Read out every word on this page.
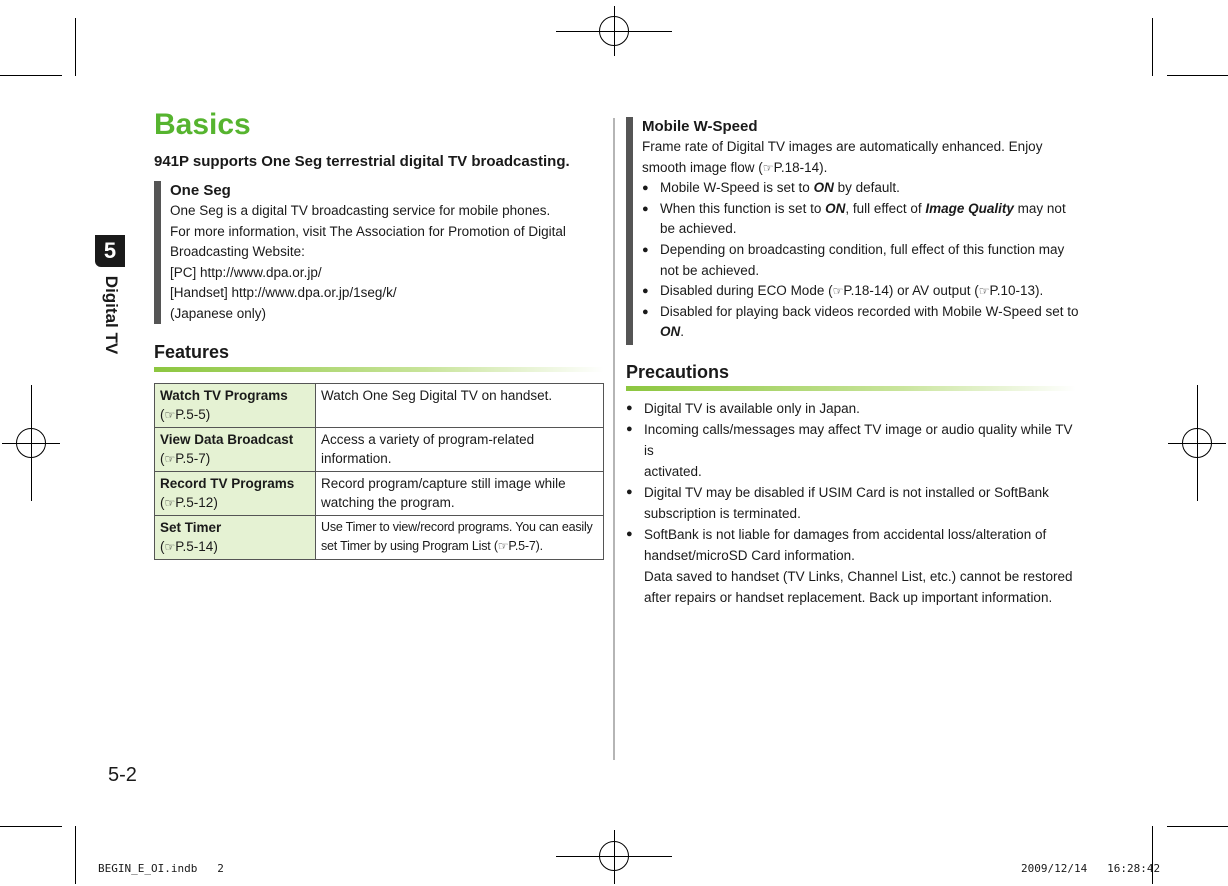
5
Digital TV
5-2
Basics
941P supports One Seg terrestrial digital TV broadcasting.
One Seg
One Seg is a digital TV broadcasting service for mobile phones.
For more information, visit The Association for Promotion of Digital
Broadcasting Website:
[PC] http://www.dpa.or.jp/
[Handset] http://www.dpa.or.jp/1seg/k/
(Japanese only)
Features
Watch TV Programs
(☞P.5-5)	Watch One Seg Digital TV on handset.

View Data Broadcast
(☞P.5-7)	Access a variety of program-related
information.

Record TV Programs
(☞P.5-12)	Record program/capture still image while
watching the program.

Set Timer
(☞P.5-14)	Use Timer to view/record programs. You can easily
set Timer by using Program List (☞P.5-7).
Mobile W-Speed
Frame rate of Digital TV images are automatically enhanced. Enjoy
smooth image flow (☞P.18-14).
● Mobile W-Speed is set to ON by default.
● When this function is set to ON, full effect of Image Quality may not
be achieved.
● Depending on broadcasting condition, full effect of this function may
not be achieved.
● Disabled during ECO Mode (☞P.18-14) or AV output (☞P.10-13).
● Disabled for playing back videos recorded with Mobile W-Speed set to
ON.
Precautions
● Digital TV is available only in Japan.
● Incoming calls/messages may affect TV image or audio quality while TV is
activated.
● Digital TV may be disabled if USIM Card is not installed or SoftBank
subscription is terminated.
● SoftBank is not liable for damages from accidental loss/alteration of
handset/microSD Card information.
Data saved to handset (TV Links, Channel List, etc.) cannot be restored
after repairs or handset replacement. Back up important information.
BEGIN_E_OI.indb   2	2009/12/14   16:28:42
